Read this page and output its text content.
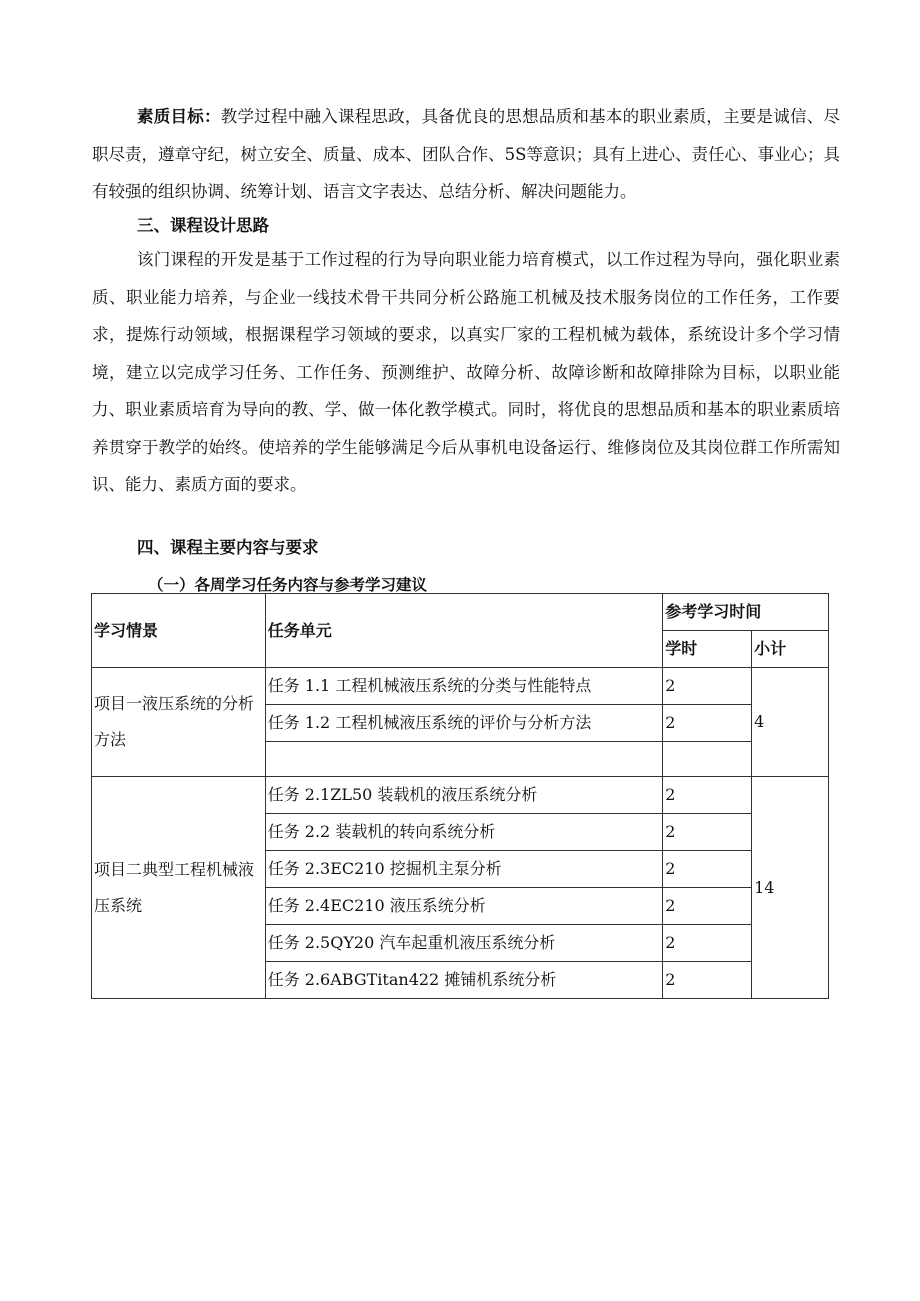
素质目标：教学过程中融入课程思政，具备优良的思想品质和基本的职业素质，主要是诚信、尽职尽责，遵章守纪，树立安全、质量、成本、团队合作、5S等意识；具有上进心、责任心、事业心；具有较强的组织协调、统筹计划、语言文字表达、总结分析、解决问题能力。

三、课程设计思路

该门课程的开发是基于工作过程的行为导向职业能力培育模式，以工作过程为导向，强化职业素质、职业能力培养，与企业一线技术骨干共同分析公路施工机械及技术服务岗位的工作任务，工作要求，提炼行动领域，根据课程学习领域的要求，以真实厂家的工程机械为载体，系统设计多个学习情境，建立以完成学习任务、工作任务、预测维护、故障分析、故障诊断和故障排除为目标，以职业能力、职业素质培育为导向的教、学、做一体化教学模式。同时，将优良的思想品质和基本的职业素质培养贯穿于教学的始终。使培养的学生能够满足今后从事机电设备运行、维修岗位及其岗位群工作所需知识、能力、素质方面的要求。

四、课程主要内容与要求

（一）各周学习任务内容与参考学习建议

学习情景	任务单元	参考学习时间	
		学时	小计
项目一液压系统的分析方法	任务 1.1 工程机械液压系统的分类与性能特点	2	4
	任务 1.2 工程机械液压系统的评价与分析方法	2	

项目二典型工程机械液压系统	任务 2.1ZL50 装载机的液压系统分析	2	14
	任务 2.2 装载机的转向系统分析	2	
	任务 2.3EC210 挖掘机主泵分析	2	
	任务 2.4EC210 液压系统分析	2	
	任务 2.5QY20 汽车起重机液压系统分析	2	
	任务 2.6ABGTitan422 摊铺机系统分析	2	
